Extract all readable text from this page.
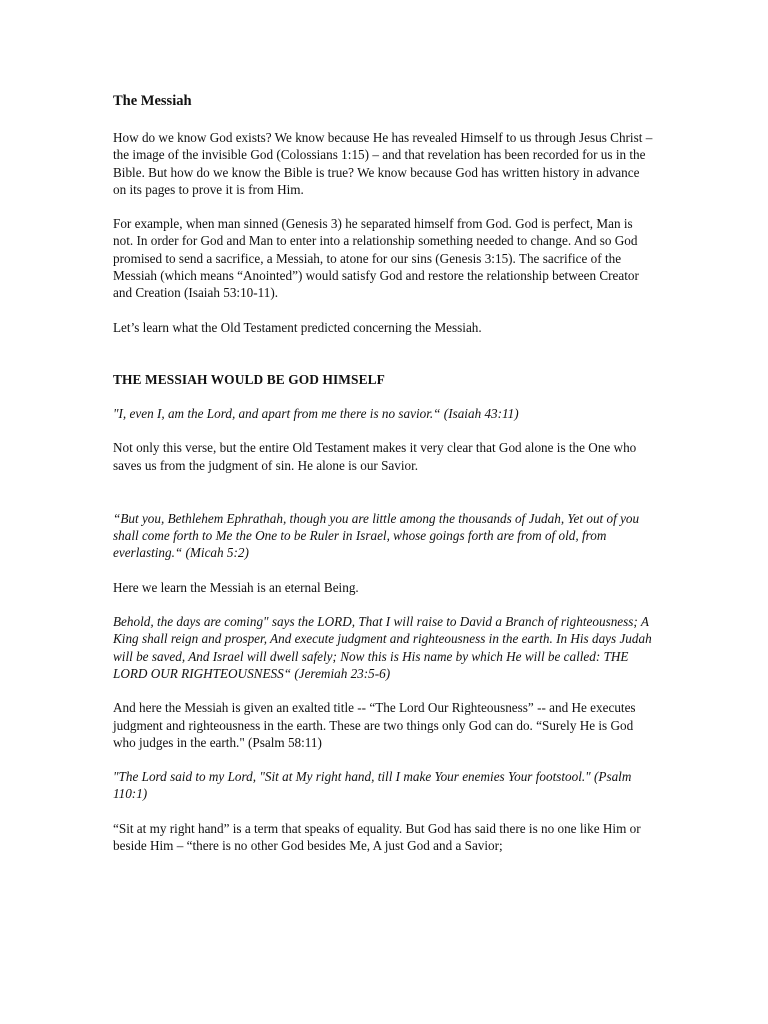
The Messiah

How do we know God exists? We know because He has revealed Himself to us through Jesus Christ – the image of the invisible God (Colossians 1:15) – and that revelation has been recorded for us in the Bible. But how do we know the Bible is true? We know because God has written history in advance on its pages to prove it is from Him.

For example, when man sinned (Genesis 3) he separated himself from God. God is perfect, Man is not. In order for God and Man to enter into a relationship something needed to change. And so God promised to send a sacrifice, a Messiah, to atone for our sins (Genesis 3:15). The sacrifice of the Messiah (which means “Anointed”) would satisfy God and restore the relationship between Creator and Creation (Isaiah 53:10-11).

Let’s learn what the Old Testament predicted concerning the Messiah.

THE MESSIAH WOULD BE GOD HIMSELF

"I, even I, am the Lord, and apart from me there is no savior.“ (Isaiah 43:11)

Not only this verse, but the entire Old Testament makes it very clear that God alone is the One who saves us from the judgment of sin. He alone is our Savior.

“But you, Bethlehem Ephrathah, though you are little among the thousands of Judah, Yet out of you shall come forth to Me the One to be Ruler in Israel, whose goings forth are from of old, from everlasting.“ (Micah 5:2)

Here we learn the Messiah is an eternal Being.

Behold, the days are coming" says the LORD, That I will raise to David a Branch of righteousness; A King shall reign and prosper, And execute judgment and righteousness in the earth. In His days Judah will be saved, And Israel will dwell safely; Now this is His name by which He will be called: THE LORD OUR RIGHTEOUSNESS“ (Jeremiah 23:5-6)

And here the Messiah is given an exalted title -- “The Lord Our Righteousness” -- and He executes judgment and righteousness in the earth. These are two things only God can do. “Surely He is God who judges in the earth." (Psalm 58:11)

"The Lord said to my Lord, "Sit at My right hand, till I make Your enemies Your footstool." (Psalm 110:1)

“Sit at my right hand” is a term that speaks of equality. But God has said there is no one like Him or beside Him – “there is no other God besides Me, A just God and a Savior;
